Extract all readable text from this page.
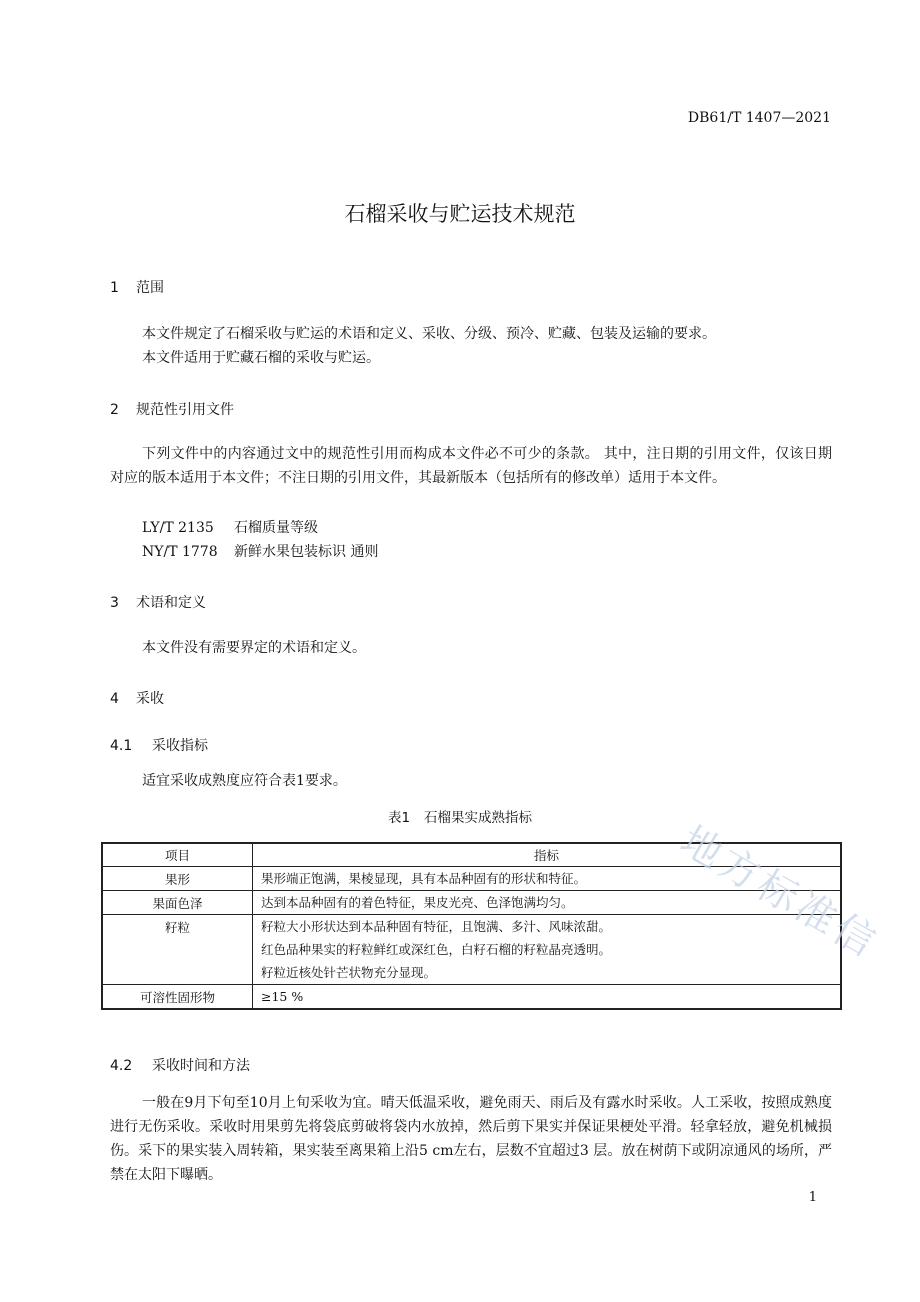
DB61/T 1407—2021
石榴采收与贮运技术规范
1 范围

本文件规定了石榴采收与贮运的术语和定义、采收、分级、预冷、贮藏、包装及运输的要求。

本文件适用于贮藏石榴的采收与贮运。

2 规范性引用文件

下列文件中的内容通过文中的规范性引用而构成本文件必不可少的条款。 其中，注日期的引用文件，仅该日期对应的版本适用于本文件；不注日期的引用文件，其最新版本（包括所有的修改单）适用于本文件。

LY/T 2135 石榴质量等级
NY/T 1778 新鲜水果包装标识 通则
3 术语和定义

本文件没有需要界定的术语和定义。

4 采收
4.1 采收指标

适宜采收成熟度应符合表1要求。

表1 石榴果实成熟指标
项目	指标
果形	果形端正饱满，果棱显现，具有本品种固有的形状和特征。

果面色泽	达到本品种固有的着色特征，果皮光亮、色泽饱满均匀。

籽粒	籽粒大小形状达到本品种固有特征，且饱满、多汁、风味浓甜。
红色品种果实的籽粒鲜红或深红色，白籽石榴的籽粒晶亮透明。
籽粒近核处针芒状物充分显现。

可溶性固形物	≥15 %
4.2 采收时间和方法

一般在9月下旬至10月上旬采收为宜。晴天低温采收，避免雨天、雨后及有露水时采收。人工采收，按照成熟度进行无伤采收。采收时用果剪先将袋底剪破将袋内水放掉，然后剪下果实并保证果梗处平滑。轻拿轻放，避免机械损伤。采下的果实装入周转箱，果实装至离果箱上沿5 cm左右，层数不宜超过3 层。放在树荫下或阴凉通风的场所，严禁在太阳下曝晒。

地方标准信
1
